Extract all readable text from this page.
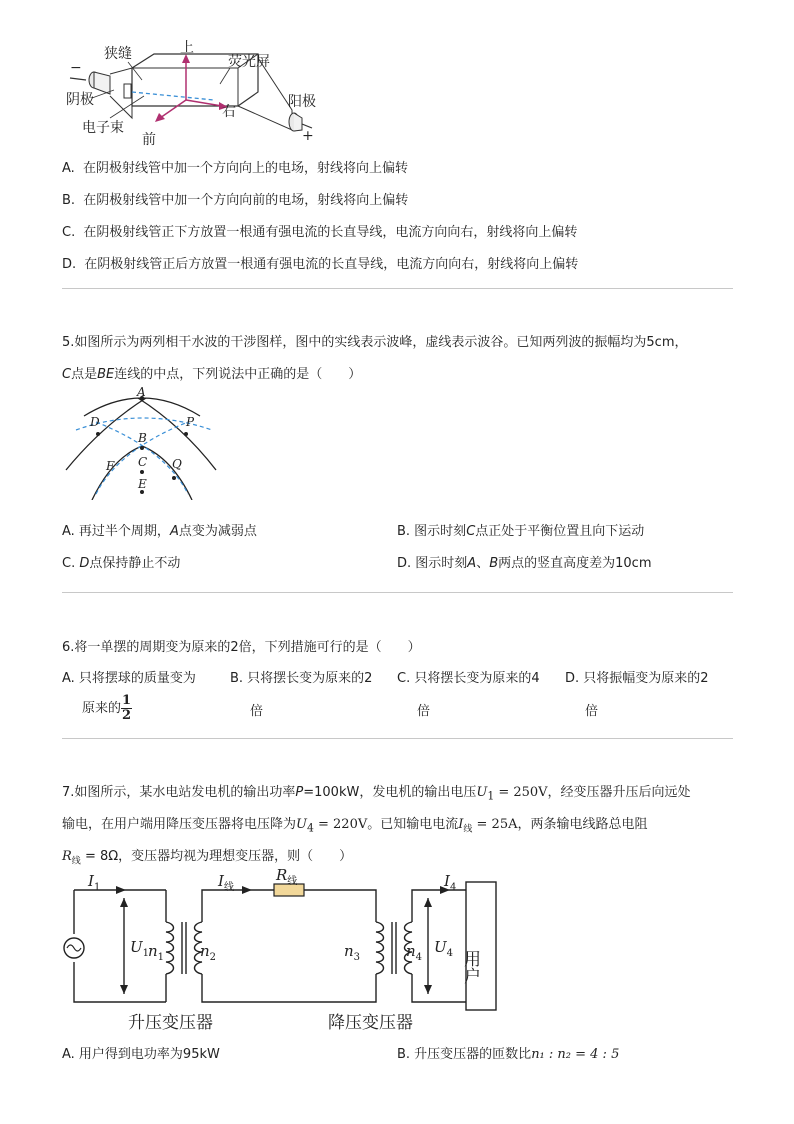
狭缝	上
荧光屏
−
阴极
右
阳极
电子束
前	+
A. 在阴极射线管中加一个方向向上的电场，射线将向上偏转
B. 在阴极射线管中加一个方向向前的电场，射线将向上偏转
C. 在阴极射线管正下方放置一根通有强电流的长直导线，电流方向向右，射线将向上偏转
D. 在阴极射线管正后方放置一根通有强电流的长直导线，电流方向向右，射线将向上偏转
5.如图所示为两列相干水波的干涉图样，图中的实线表示波峰，虚线表示波谷。已知两列波的振幅均为5cm，
C点是BE连线的中点，下列说法中正确的是（　　）
A
D	P
B
C
F	Q
E
A. 再过半个周期，A点变为减弱点	B. 图示时刻C点正处于平衡位置且向下运动
C. D点保持静止不动	D. 图示时刻A、B两点的竖直高度差为10cm
6.将一单摆的周期变为原来的2倍，下列措施可行的是（　　）
A. 只将摆球的质量变为
原来的 $\frac{1}{2}$
B. 只将摆长变为原来的2
倍
C. 只将摆长变为原来的4
倍
D. 只将振幅变为原来的2
倍
7.如图所示，某水电站发电机的输出功率P=100kW，发电机的输出电压$U_1 = 250V$，经变压器升压后向远处
输电，在用户端用降压变压器将电压降为$U_4 = 220V$。已知输电电流$I_线 = 25A$，两条输电线路总电阻
$R_线 = 8\Omega$，变压器均视为理想变压器，则（　　）
$I_1$	$I_线$
$R_线$	$I_4$
$U_1$
$n_1$ $n_2$	$n_3$	$n_4$
$U_4$ 用户
升压变压器	降压变压器
A. 用户得到电功率为95kW	B. 升压变压器的匝数比n₁ : n₂ = 4 : 5
